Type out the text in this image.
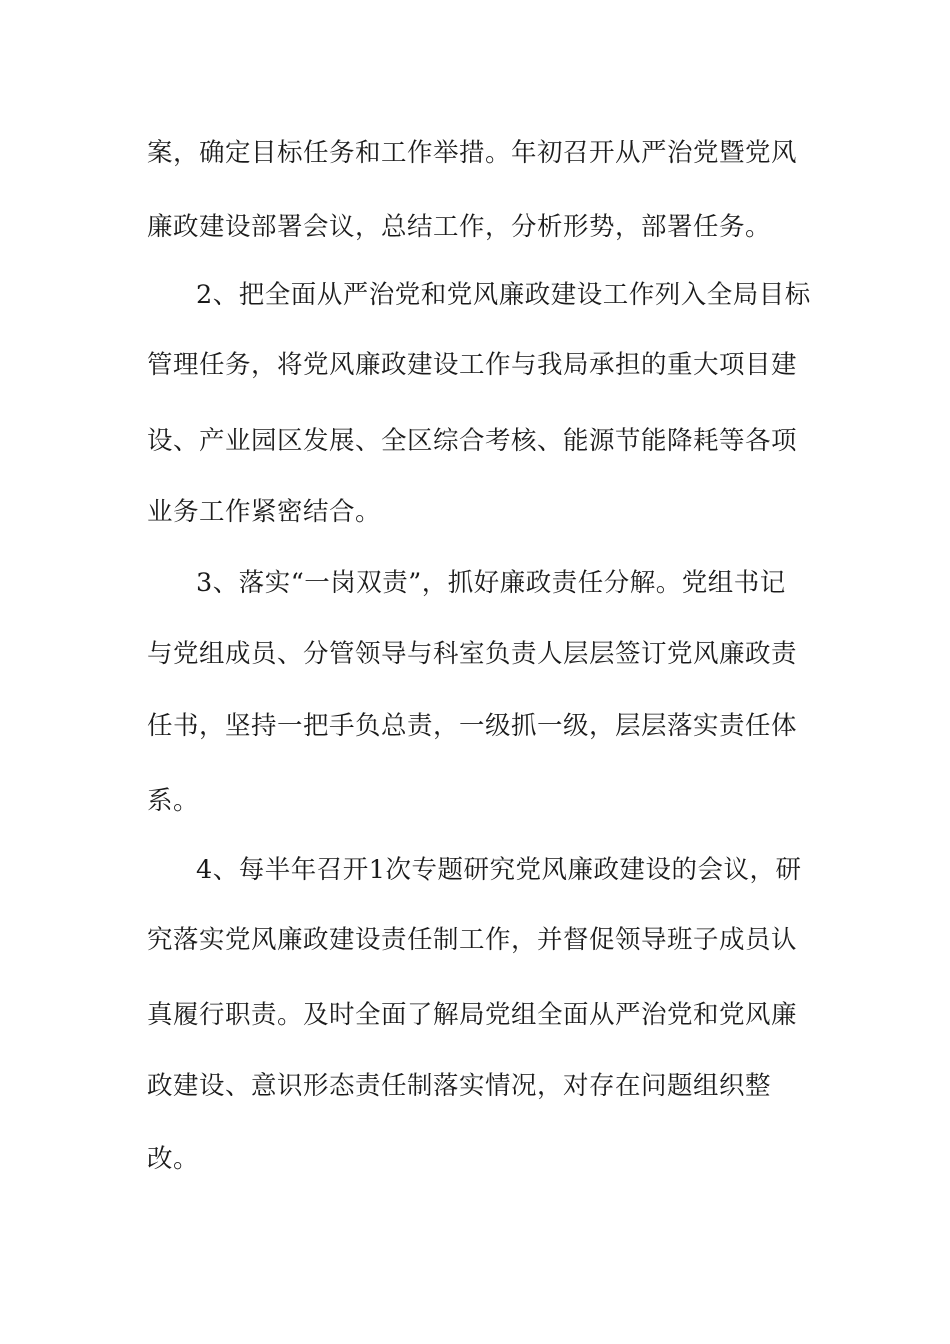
案，确定目标任务和工作举措。年初召开从严治党暨党风
廉政建设部署会议，总结工作，分析形势，部署任务。
2、把全面从严治党和党风廉政建设工作列入全局目标
管理任务，将党风廉政建设工作与我局承担的重大项目建
设、产业园区发展、全区综合考核、能源节能降耗等各项
业务工作紧密结合。
3、落实“一岗双责”，抓好廉政责任分解。党组书记
与党组成员、分管领导与科室负责人层层签订党风廉政责
任书，坚持一把手负总责，一级抓一级，层层落实责任体
系。
4、每半年召开1次专题研究党风廉政建设的会议，研
究落实党风廉政建设责任制工作，并督促领导班子成员认
真履行职责。及时全面了解局党组全面从严治党和党风廉
政建设、意识形态责任制落实情况，对存在问题组织整
改。
